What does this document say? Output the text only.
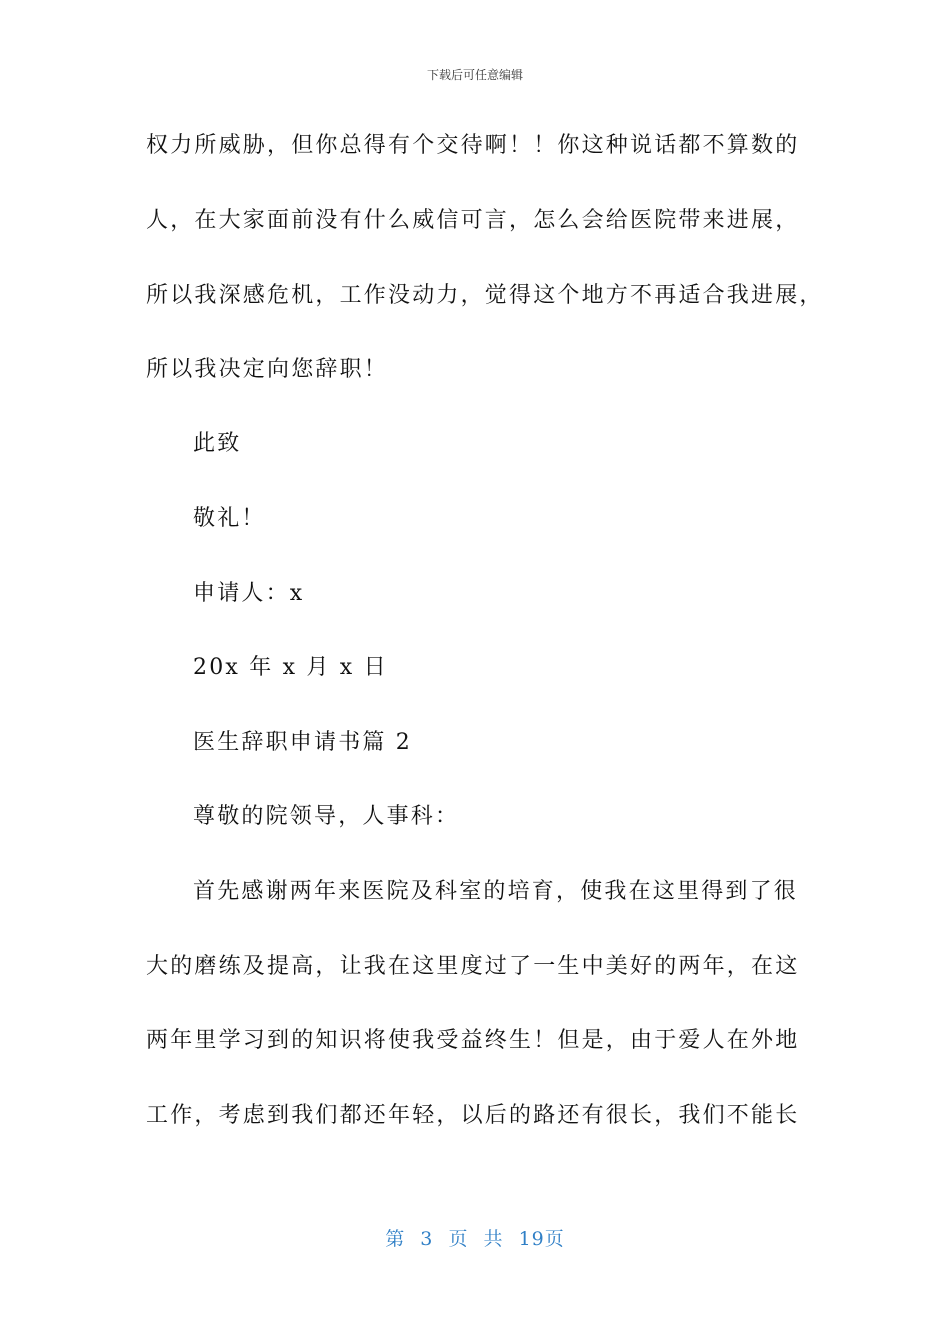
下载后可任意编辑
权力所威胁，但你总得有个交待啊！！你这种说话都不算数的
人，在大家面前没有什么威信可言，怎么会给医院带来进展，
所以我深感危机，工作没动力，觉得这个地方不再适合我进展，
所以我决定向您辞职！
此致
敬礼！
申请人：x
20x 年 x 月 x 日
医生辞职申请书篇 2
尊敬的院领导，人事科：
首先感谢两年来医院及科室的培育，使我在这里得到了很
大的磨练及提高，让我在这里度过了一生中美好的两年，在这
两年里学习到的知识将使我受益终生！但是，由于爱人在外地
工作，考虑到我们都还年轻，以后的路还有很长，我们不能长
第 3 页 共 19页
